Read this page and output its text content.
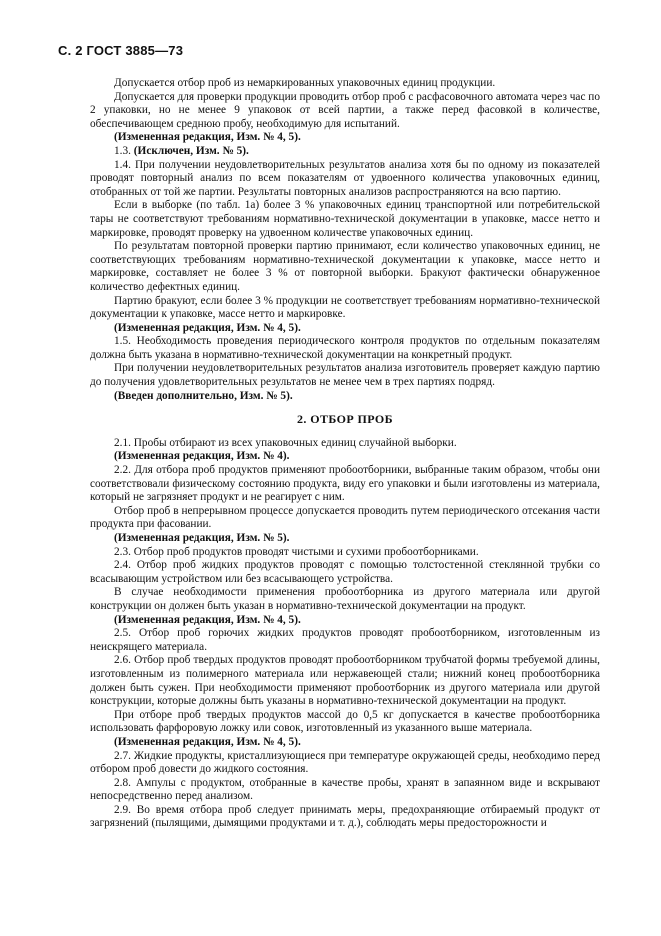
С. 2 ГОСТ 3885—73

Допускается отбор проб из немаркированных упаковочных единиц продукции.

Допускается для проверки продукции проводить отбор проб с расфасовочного автомата через час по 2 упаковки, но не менее 9 упаковок от всей партии, а также перед фасовкой в количестве, обеспечивающем среднюю пробу, необходимую для испытаний.

(Измененная редакция, Изм. № 4, 5).

1.3. (Исключен, Изм. № 5).

1.4. При получении неудовлетворительных результатов анализа хотя бы по одному из показателей проводят повторный анализ по всем показателям от удвоенного количества упаковочных единиц, отобранных от той же партии. Результаты повторных анализов распространяются на всю партию.

Если в выборке (по табл. 1а) более 3 % упаковочных единиц транспортной или потребительской тары не соответствуют требованиям нормативно-технической документации в упаковке, массе нетто и маркировке, проводят проверку на удвоенном количестве упаковочных единиц.

По результатам повторной проверки партию принимают, если количество упаковочных единиц, не соответствующих требованиям нормативно-технической документации к упаковке, массе нетто и маркировке, составляет не более 3 % от повторной выборки. Бракуют фактически обнаруженное количество дефектных единиц.

Партию бракуют, если более 3 % продукции не соответствует требованиям нормативно-технической документации к упаковке, массе нетто и маркировке.

(Измененная редакция, Изм. № 4, 5).

1.5. Необходимость проведения периодического контроля продуктов по отдельным показателям должна быть указана в нормативно-технической документации на конкретный продукт.

При получении неудовлетворительных результатов анализа изготовитель проверяет каждую партию до получения удовлетворительных результатов не менее чем в трех партиях подряд.

(Введен дополнительно, Изм. № 5).

2. ОТБОР ПРОБ

2.1. Пробы отбирают из всех упаковочных единиц случайной выборки.

(Измененная редакция, Изм. № 4).

2.2. Для отбора проб продуктов применяют пробоотборники, выбранные таким образом, чтобы они соответствовали физическому состоянию продукта, виду его упаковки и были изготовлены из материала, который не загрязняет продукт и не реагирует с ним.

Отбор проб в непрерывном процессе допускается проводить путем периодического отсекания части продукта при фасовании.

(Измененная редакция, Изм. № 5).

2.3. Отбор проб продуктов проводят чистыми и сухими пробоотборниками.

2.4. Отбор проб жидких продуктов проводят с помощью толстостенной стеклянной трубки со всасывающим устройством или без всасывающего устройства.

В случае необходимости применения пробоотборника из другого материала или другой конструкции он должен быть указан в нормативно-технической документации на продукт.

(Измененная редакция, Изм. № 4, 5).

2.5. Отбор проб горючих жидких продуктов проводят пробоотборником, изготовленным из неискрящего материала.

2.6. Отбор проб твердых продуктов проводят пробоотборником трубчатой формы требуемой длины, изготовленным из полимерного материала или нержавеющей стали; нижний конец пробоотборника должен быть сужен. При необходимости применяют пробоотборник из другого материала или другой конструкции, которые должны быть указаны в нормативно-технической документации на продукт.

При отборе проб твердых продуктов массой до 0,5 кг допускается в качестве пробоотборника использовать фарфоровую ложку или совок, изготовленный из указанного выше материала.

(Измененная редакция, Изм. № 4, 5).

2.7. Жидкие продукты, кристаллизующиеся при температуре окружающей среды, необходимо перед отбором проб довести до жидкого состояния.

2.8. Ампулы с продуктом, отобранные в качестве пробы, хранят в запаянном виде и вскрывают непосредственно перед анализом.

2.9. Во время отбора проб следует принимать меры, предохраняющие отбираемый продукт от загрязнений (пылящими, дымящими продуктами и т. д.), соблюдать меры предосторожности и
